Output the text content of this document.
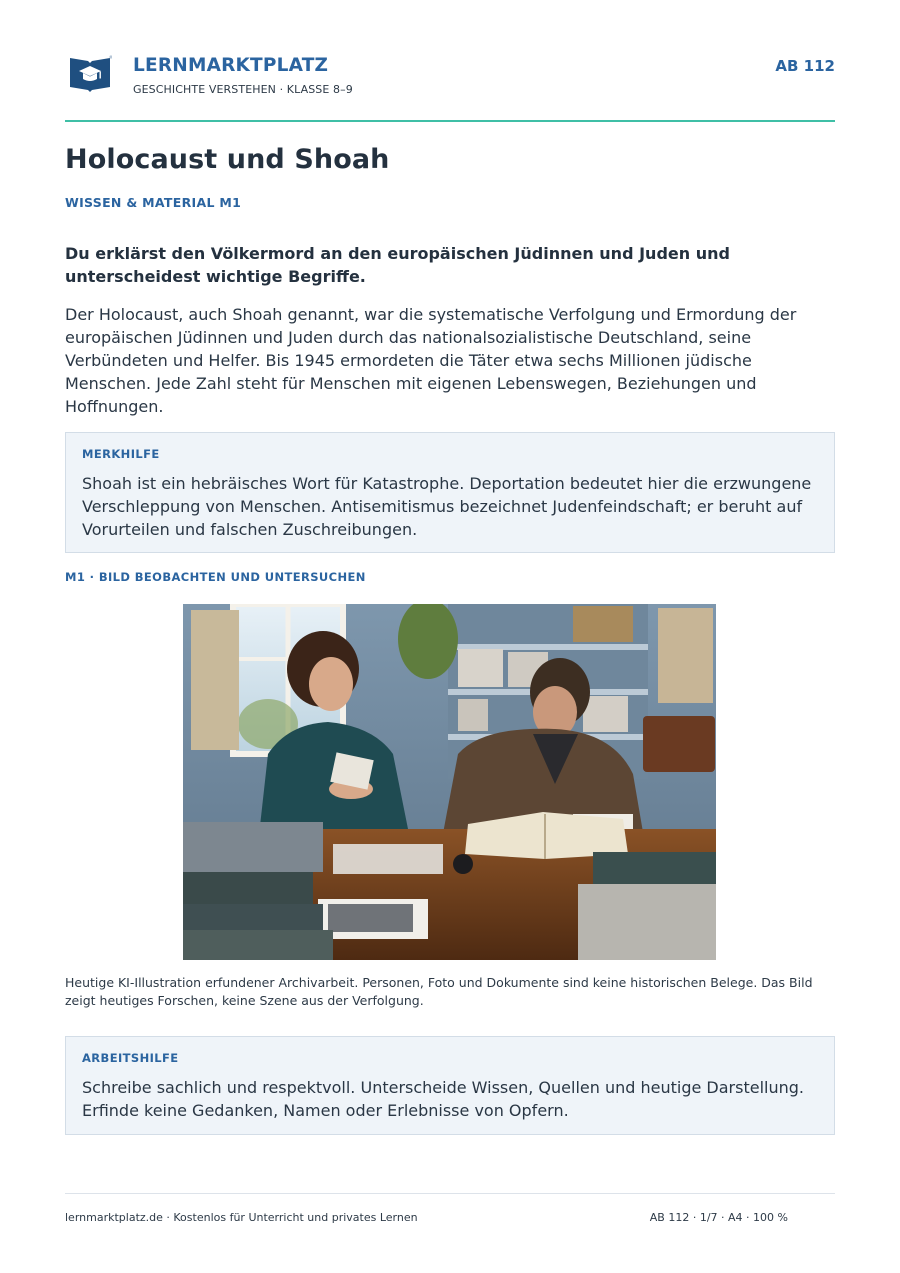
LERNMARKTPLATZ
GESCHICHTE VERSTEHEN · KLASSE 8–9
AB 112
Holocaust und Shoah
WISSEN & MATERIAL M1

Du erklärst den Völkermord an den europäischen Jüdinnen und Juden und unterscheidest wichtige Begriffe.

Der Holocaust, auch Shoah genannt, war die systematische Verfolgung und Ermordung der europäischen Jüdinnen und Juden durch das nationalsozialistische Deutschland, seine Verbündeten und Helfer. Bis 1945 ermordeten die Täter etwa sechs Millionen jüdische Menschen. Jede Zahl steht für Menschen mit eigenen Lebenswegen, Beziehungen und Hoffnungen.

MERKHILFE

Shoah ist ein hebräisches Wort für Katastrophe. Deportation bedeutet hier die erzwungene Verschleppung von Menschen. Antisemitismus bezeichnet Judenfeindschaft; er beruht auf Vorurteilen und falschen Zuschreibungen.

M1 · BILD BEOBACHTEN UND UNTERSUCHEN

Heutige KI-Illustration erfundener Archivarbeit. Personen, Foto und Dokumente sind keine historischen Belege. Das Bild zeigt heutiges Forschen, keine Szene aus der Verfolgung.

ARBEITSHILFE

Schreibe sachlich und respektvoll. Unterscheide Wissen, Quellen und heutige Darstellung. Erfinde keine Gedanken, Namen oder Erlebnisse von Opfern.

lernmarktplatz.de · Kostenlos für Unterricht und privates Lernen	AB 112 · 1/7 · A4 · 100 %
